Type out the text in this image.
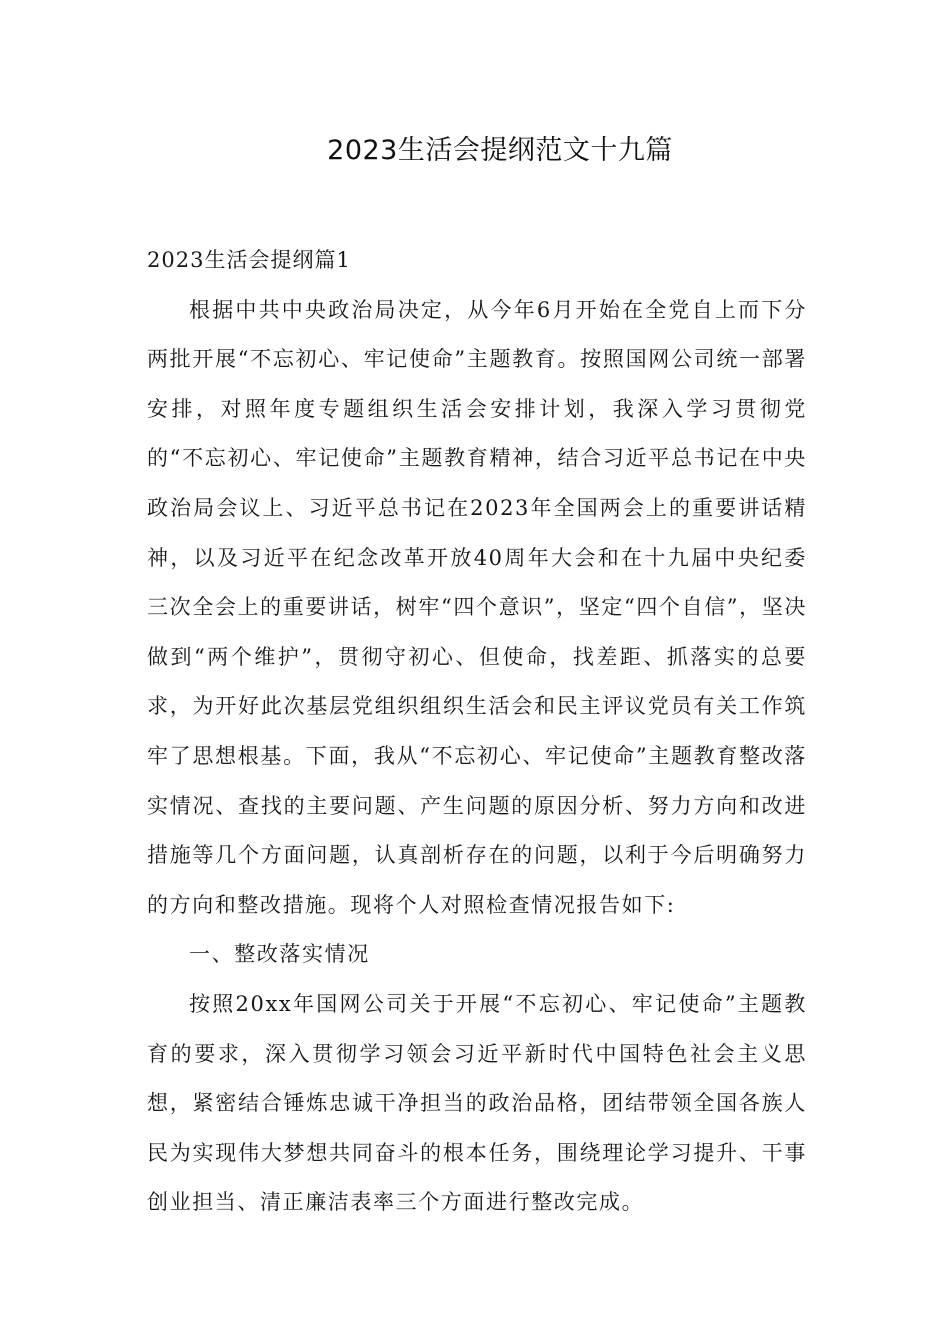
2023生活会提纲范文十九篇

2023生活会提纲篇1

根据中共中央政治局决定，从今年6月开始在全党自上而下分两批开展“不忘初心、牢记使命”主题教育。按照国网公司统一部署安排，对照年度专题组织生活会安排计划，我深入学习贯彻党的“不忘初心、牢记使命”主题教育精神，结合习近平总书记在中央政治局会议上、习近平总书记在2023年全国两会上的重要讲话精神，以及习近平在纪念改革开放40周年大会和在十九届中央纪委三次全会上的重要讲话，树牢“四个意识”，坚定“四个自信”，坚决做到“两个维护”，贯彻守初心、但使命，找差距、抓落实的总要求，为开好此次基层党组织组织生活会和民主评议党员有关工作筑牢了思想根基。下面，我从“不忘初心、牢记使命”主题教育整改落实情况、查找的主要问题、产生问题的原因分析、努力方向和改进措施等几个方面问题，认真剖析存在的问题，以利于今后明确努力的方向和整改措施。现将个人对照检查情况报告如下:

一、整改落实情况

按照20xx年国网公司关于开展“不忘初心、牢记使命”主题教育的要求，深入贯彻学习领会习近平新时代中国特色社会主义思想，紧密结合锤炼忠诚干净担当的政治品格，团结带领全国各族人民为实现伟大梦想共同奋斗的根本任务，围绕理论学习提升、干事创业担当、清正廉洁表率三个方面进行整改完成。
